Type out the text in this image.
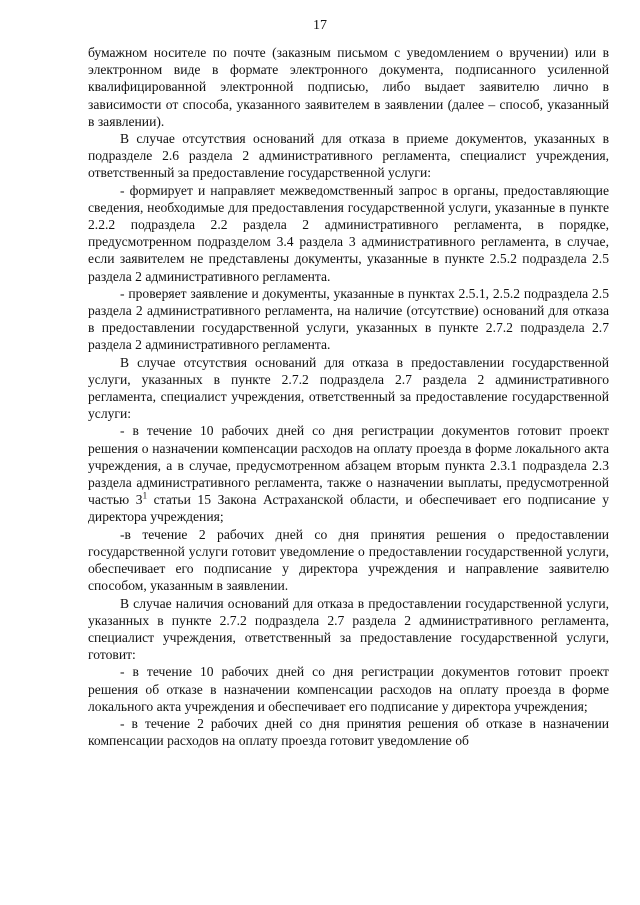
17

бумажном носителе по почте (заказным письмом с уведомлением о вручении) или в электронном виде в формате электронного документа, подписанного усиленной квалифицированной электронной подписью, либо выдает заявителю лично в зависимости от способа, указанного заявителем в заявлении (далее – способ, указанный в заявлении).

В случае отсутствия оснований для отказа в приеме документов, указанных в подразделе 2.6 раздела 2 административного регламента, специалист учреждения, ответственный за предоставление государственной услуги:

- формирует и направляет межведомственный запрос в органы, предоставляющие сведения, необходимые для предоставления государственной услуги, указанные в пункте 2.2.2 подраздела 2.2 раздела 2 административного регламента, в порядке, предусмотренном подразделом 3.4 раздела 3 административного регламента, в случае, если заявителем не представлены документы, указанные в пункте 2.5.2 подраздела 2.5 раздела 2 административного регламента.

- проверяет заявление и документы, указанные в пунктах 2.5.1, 2.5.2 подраздела 2.5 раздела 2 административного регламента, на наличие (отсутствие) оснований для отказа в предоставлении государственной услуги, указанных в пункте 2.7.2 подраздела 2.7 раздела 2 административного регламента.

В случае отсутствия оснований для отказа в предоставлении государственной услуги, указанных в пункте 2.7.2 подраздела 2.7 раздела 2 административного регламента, специалист учреждения, ответственный за предоставление государственной услуги:

- в течение 10 рабочих дней со дня регистрации документов готовит проект решения о назначении компенсации расходов на оплату проезда в форме локального акта учреждения, а в случае, предусмотренном абзацем вторым пункта 2.3.1 подраздела 2.3 раздела административного регламента, также о назначении выплаты, предусмотренной частью $3^1$ статьи 15 Закона Астраханской области, и обеспечивает его подписание у директора учреждения;

-в течение 2 рабочих дней со дня принятия решения о предоставлении государственной услуги готовит уведомление о предоставлении государственной услуги, обеспечивает его подписание у директора учреждения и направление заявителю способом, указанным в заявлении.

В случае наличия оснований для отказа в предоставлении государственной услуги, указанных в пункте 2.7.2 подраздела 2.7 раздела 2 административного регламента, специалист учреждения, ответственный за предоставление государственной услуги, готовит:

- в течение 10 рабочих дней со дня регистрации документов готовит проект решения об отказе в назначении компенсации расходов на оплату проезда в форме локального акта учреждения и обеспечивает его подписание у директора учреждения;

- в течение 2 рабочих дней со дня принятия решения об отказе в назначении компенсации расходов на оплату проезда готовит уведомление об
